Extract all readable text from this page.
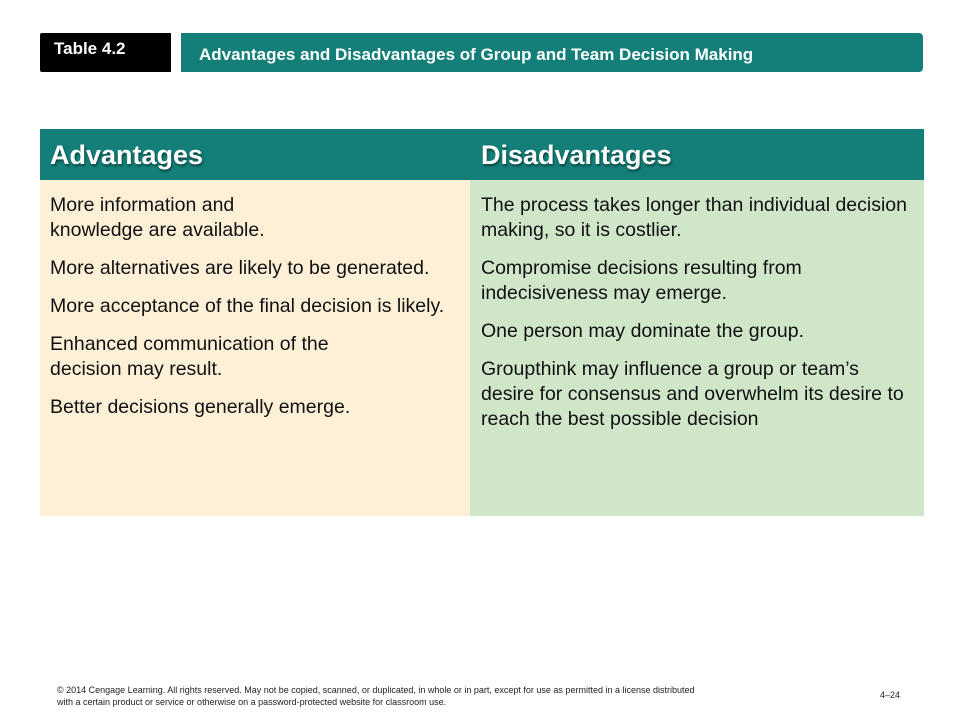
Table 4.2	Advantages and Disadvantages of Group and Team Decision Making
Advantages	Disadvantages
More information and knowledge are available.
More alternatives are likely to be generated.
More acceptance of the final decision is likely.
Enhanced communication of the decision may result.
Better decisions generally emerge.
The process takes longer than individual decision making, so it is costlier.
Compromise decisions resulting from indecisiveness may emerge.
One person may dominate the group.
Groupthink may influence a group or team’s desire for consensus and overwhelm its desire to reach the best possible decision
© 2014 Cengage Learning. All rights reserved. May not be copied, scanned, or duplicated, in whole or in part, except for use as permitted in a license distributed with a certain product or service or otherwise on a password-protected website for classroom use.
4–24
